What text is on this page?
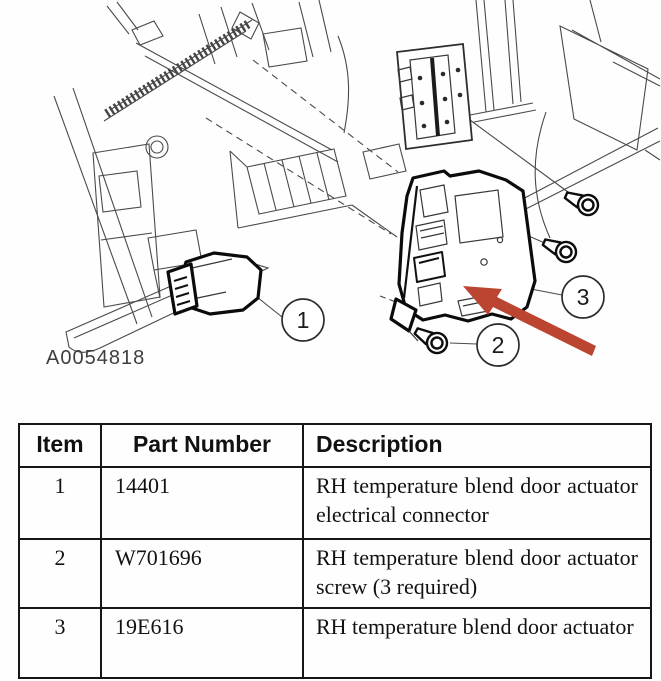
1
2
3
A0054818
Item	Part Number	Description
1	14401	RH temperature blend door actuator electrical connector
2	W701696	RH temperature blend door actuator screw (3 required)
3	19E616	RH temperature blend door actuator
